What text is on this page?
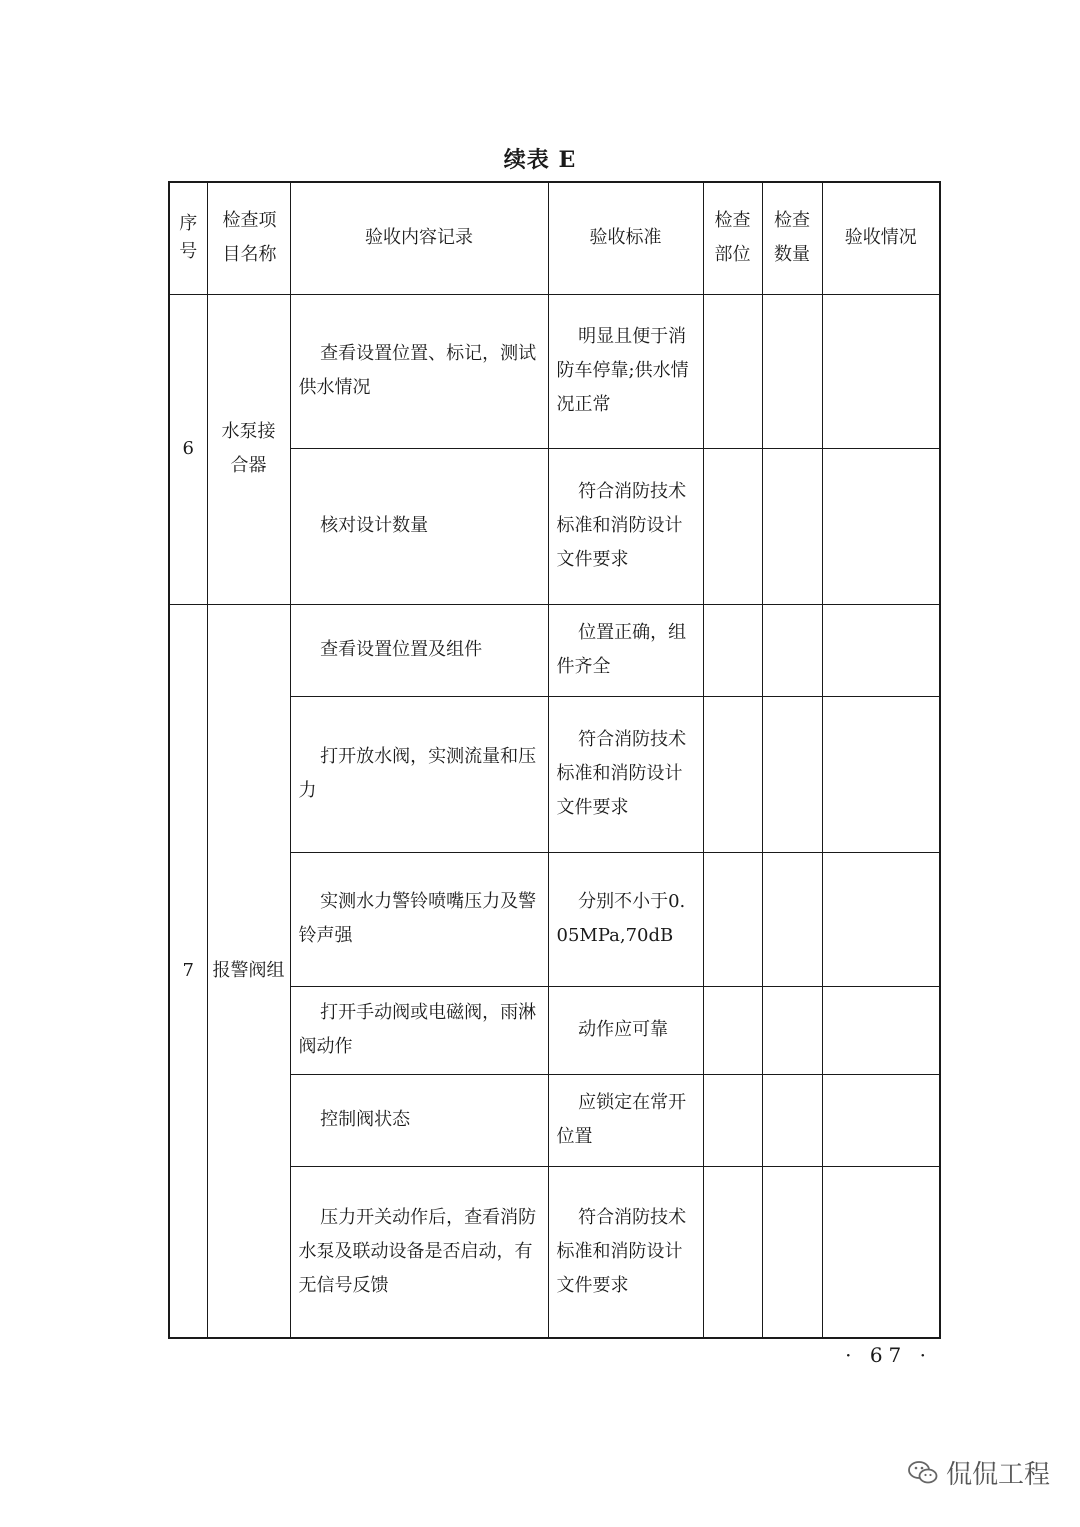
续表 E
序号	检查项目名称	验收内容记录	验收标准	检查部位	检查数量	验收情况
6	水泵接合器	查看设置位置、标记，测试供水情况	明显且便于消防车停靠;供水情况正常			

		核对设计数量	符合消防技术标准和消防设计文件要求			

7	报警阀组	查看设置位置及组件	位置正确，组件齐全			

		打开放水阀，实测流量和压力	符合消防技术标准和消防设计文件要求			

		实测水力警铃喷嘴压力及警铃声强	分别不小于0.05MPa,70dB			

		打开手动阀或电磁阀，雨淋阀动作	动作应可靠			

		控制阀状态	应锁定在常开位置			

		压力开关动作后，查看消防水泵及联动设备是否启动，有无信号反馈	符合消防技术标准和消防设计文件要求			

· 67 ·
侃侃工程
